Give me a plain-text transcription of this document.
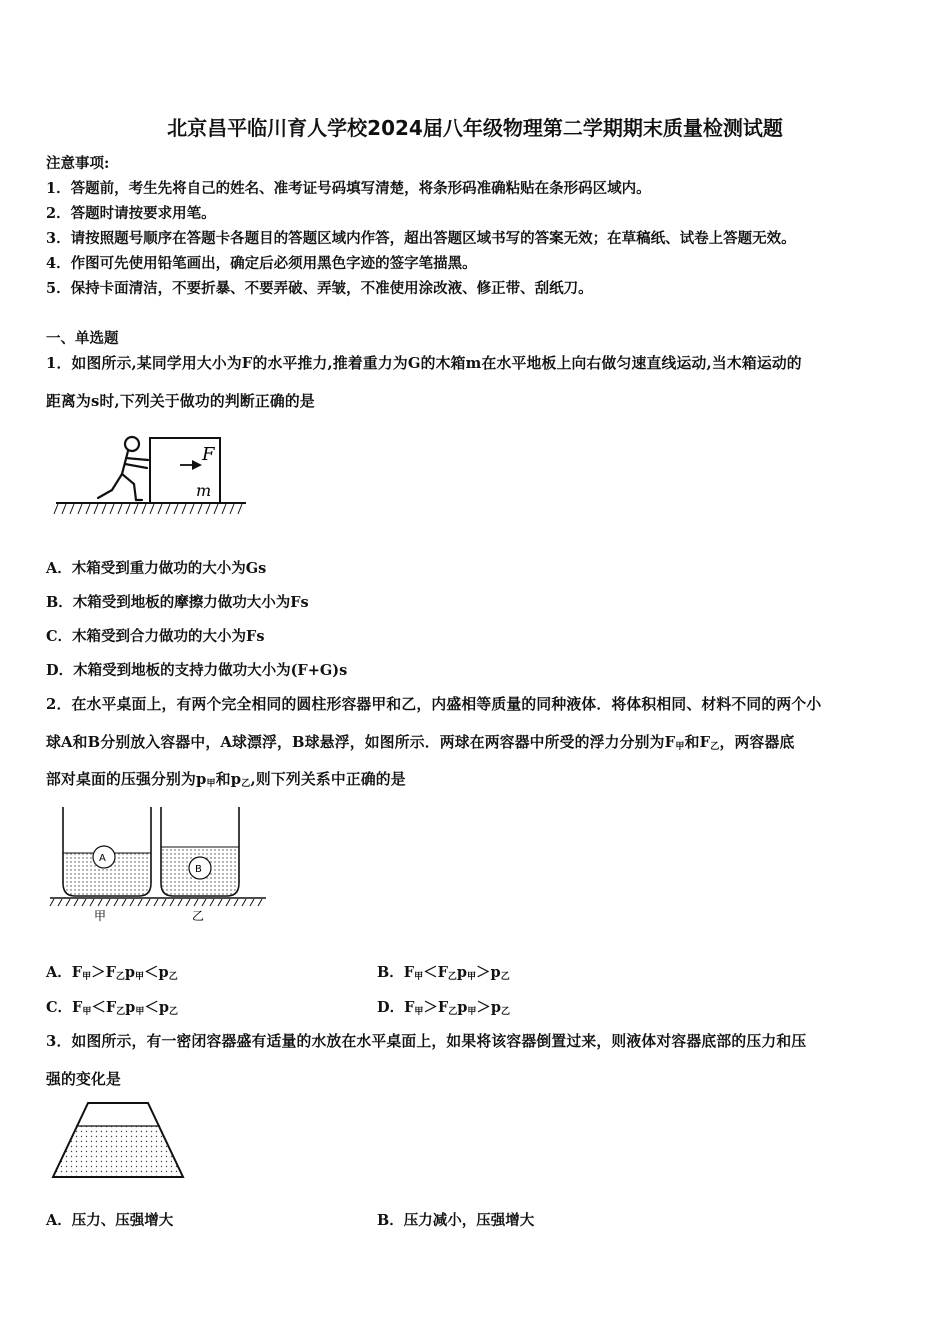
北京昌平临川育人学校2024届八年级物理第二学期期末质量检测试题
注意事项:
1．答题前，考生先将自己的姓名、准考证号码填写清楚，将条形码准确粘贴在条形码区域内。
2．答题时请按要求用笔。
3．请按照题号顺序在答题卡各题目的答题区域内作答，超出答题区域书写的答案无效；在草稿纸、试卷上答题无效。
4．作图可先使用铅笔画出，确定后必须用黑色字迹的签字笔描黑。
5．保持卡面清洁，不要折暴、不要弄破、弄皱，不准使用涂改液、修正带、刮纸刀。
一、单选题
1．如图所示,某同学用大小为F的水平推力,推着重力为G的木箱m在水平地板上向右做匀速直线运动,当木箱运动的
距离为s时,下列关于做功的判断正确的是
F
m
A．木箱受到重力做功的大小为Gs
B．木箱受到地板的摩擦力做功大小为Fs
C．木箱受到合力做功的大小为Fs
D．木箱受到地板的支持力做功大小为(F+G)s
2．在水平桌面上，有两个完全相同的圆柱形容器甲和乙，内盛相等质量的同种液体．将体积相同、材料不同的两个小
球A和B分别放入容器中，A球漂浮，B球悬浮，如图所示．两球在两容器中所受的浮力分别为$F_甲$和$F_乙$，两容器底
部对桌面的压强分别为$p_甲$和$p_乙$,则下列关系中正确的是
A
B
甲	乙
A．$F_甲>F_乙p_甲<p_乙$	B．$F_甲<F_乙p_甲>p_乙$
C．$F_甲<F_乙p_甲<p_乙$	D．$F_甲>F_乙p_甲>p_乙$
3．如图所示，有一密闭容器盛有适量的水放在水平桌面上，如果将该容器倒置过来，则液体对容器底部的压力和压
强的变化是
A．压力、压强增大	B．压力减小，压强增大
